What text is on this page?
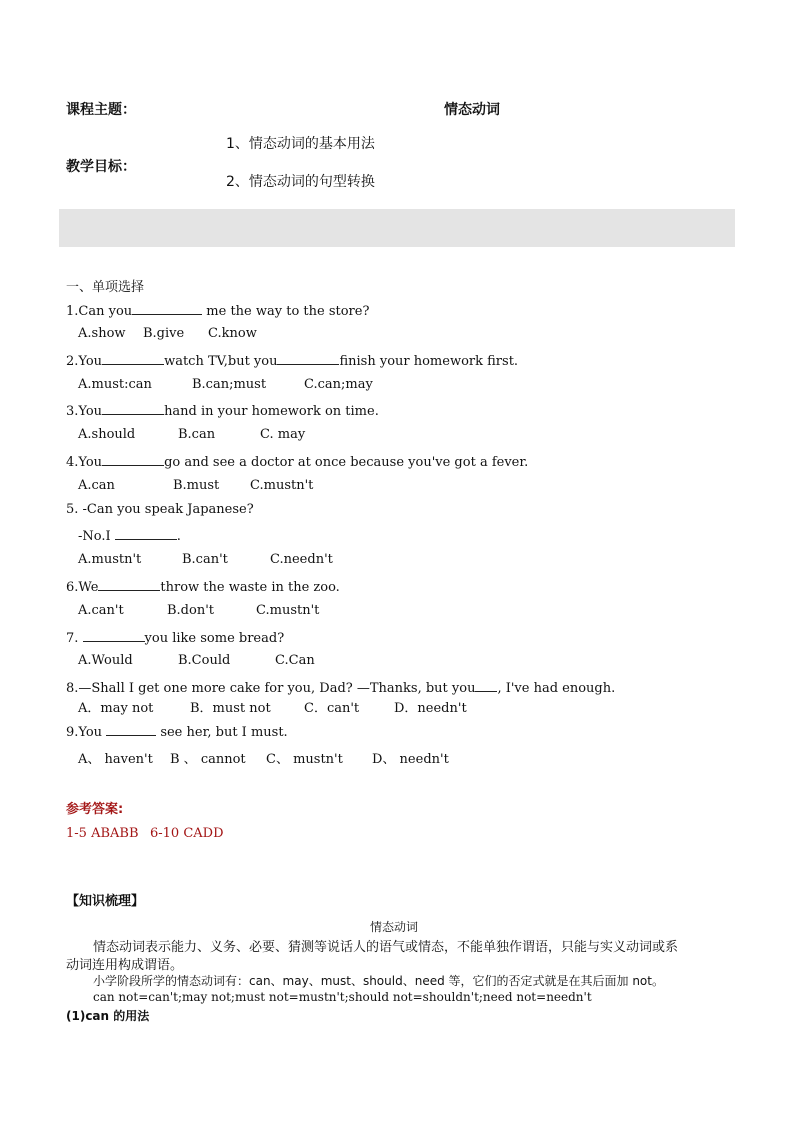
课程主题：	情态动词
教学目标：
1、情态动词的基本用法
2、情态动词的句型转换
一、单项选择
1.Can you	me the way to the store?
A.show B.give C.know
2.You	watch TV,but you	finish your homework first.
A.must:can	B.can;must	C.can;may
3.You	hand in your homework on time.
A.should	B.can	C. may
4.You	go and see a doctor at once because you've got a fever.
A.can	B.must C.mustn't
5. -Can you speak Japanese?
-No.I	.
A.mustn't	B.can't	C.needn't
6.We	throw the waste in the zoo.
A.can't	B.don't	C.mustn't
7.	you like some bread?
A.Would	B.Could	C.Can
8.—Shall I get one more cake for you, Dad? —Thanks, but you , I've had enough.
A．may not	B．must not	C．can't	D．needn't
9.You	see her, but I must.
A、 haven't B 、 cannot C、 mustn't D、 needn't
参考答案:
1-5 ABABB 6-10 CADD
【知识梳理】
情态动词
情态动词表示能力、义务、必要、猜测等说话人的语气或情态，不能单独作谓语，只能与实义动词或系
动词连用构成谓语。
小学阶段所学的情态动词有：can、may、must、should、need 等，它们的否定式就是在其后面加 not。
can not=can't;may not;must not=mustn't;should not=shouldn't;need not=needn't
(1)can 的用法
